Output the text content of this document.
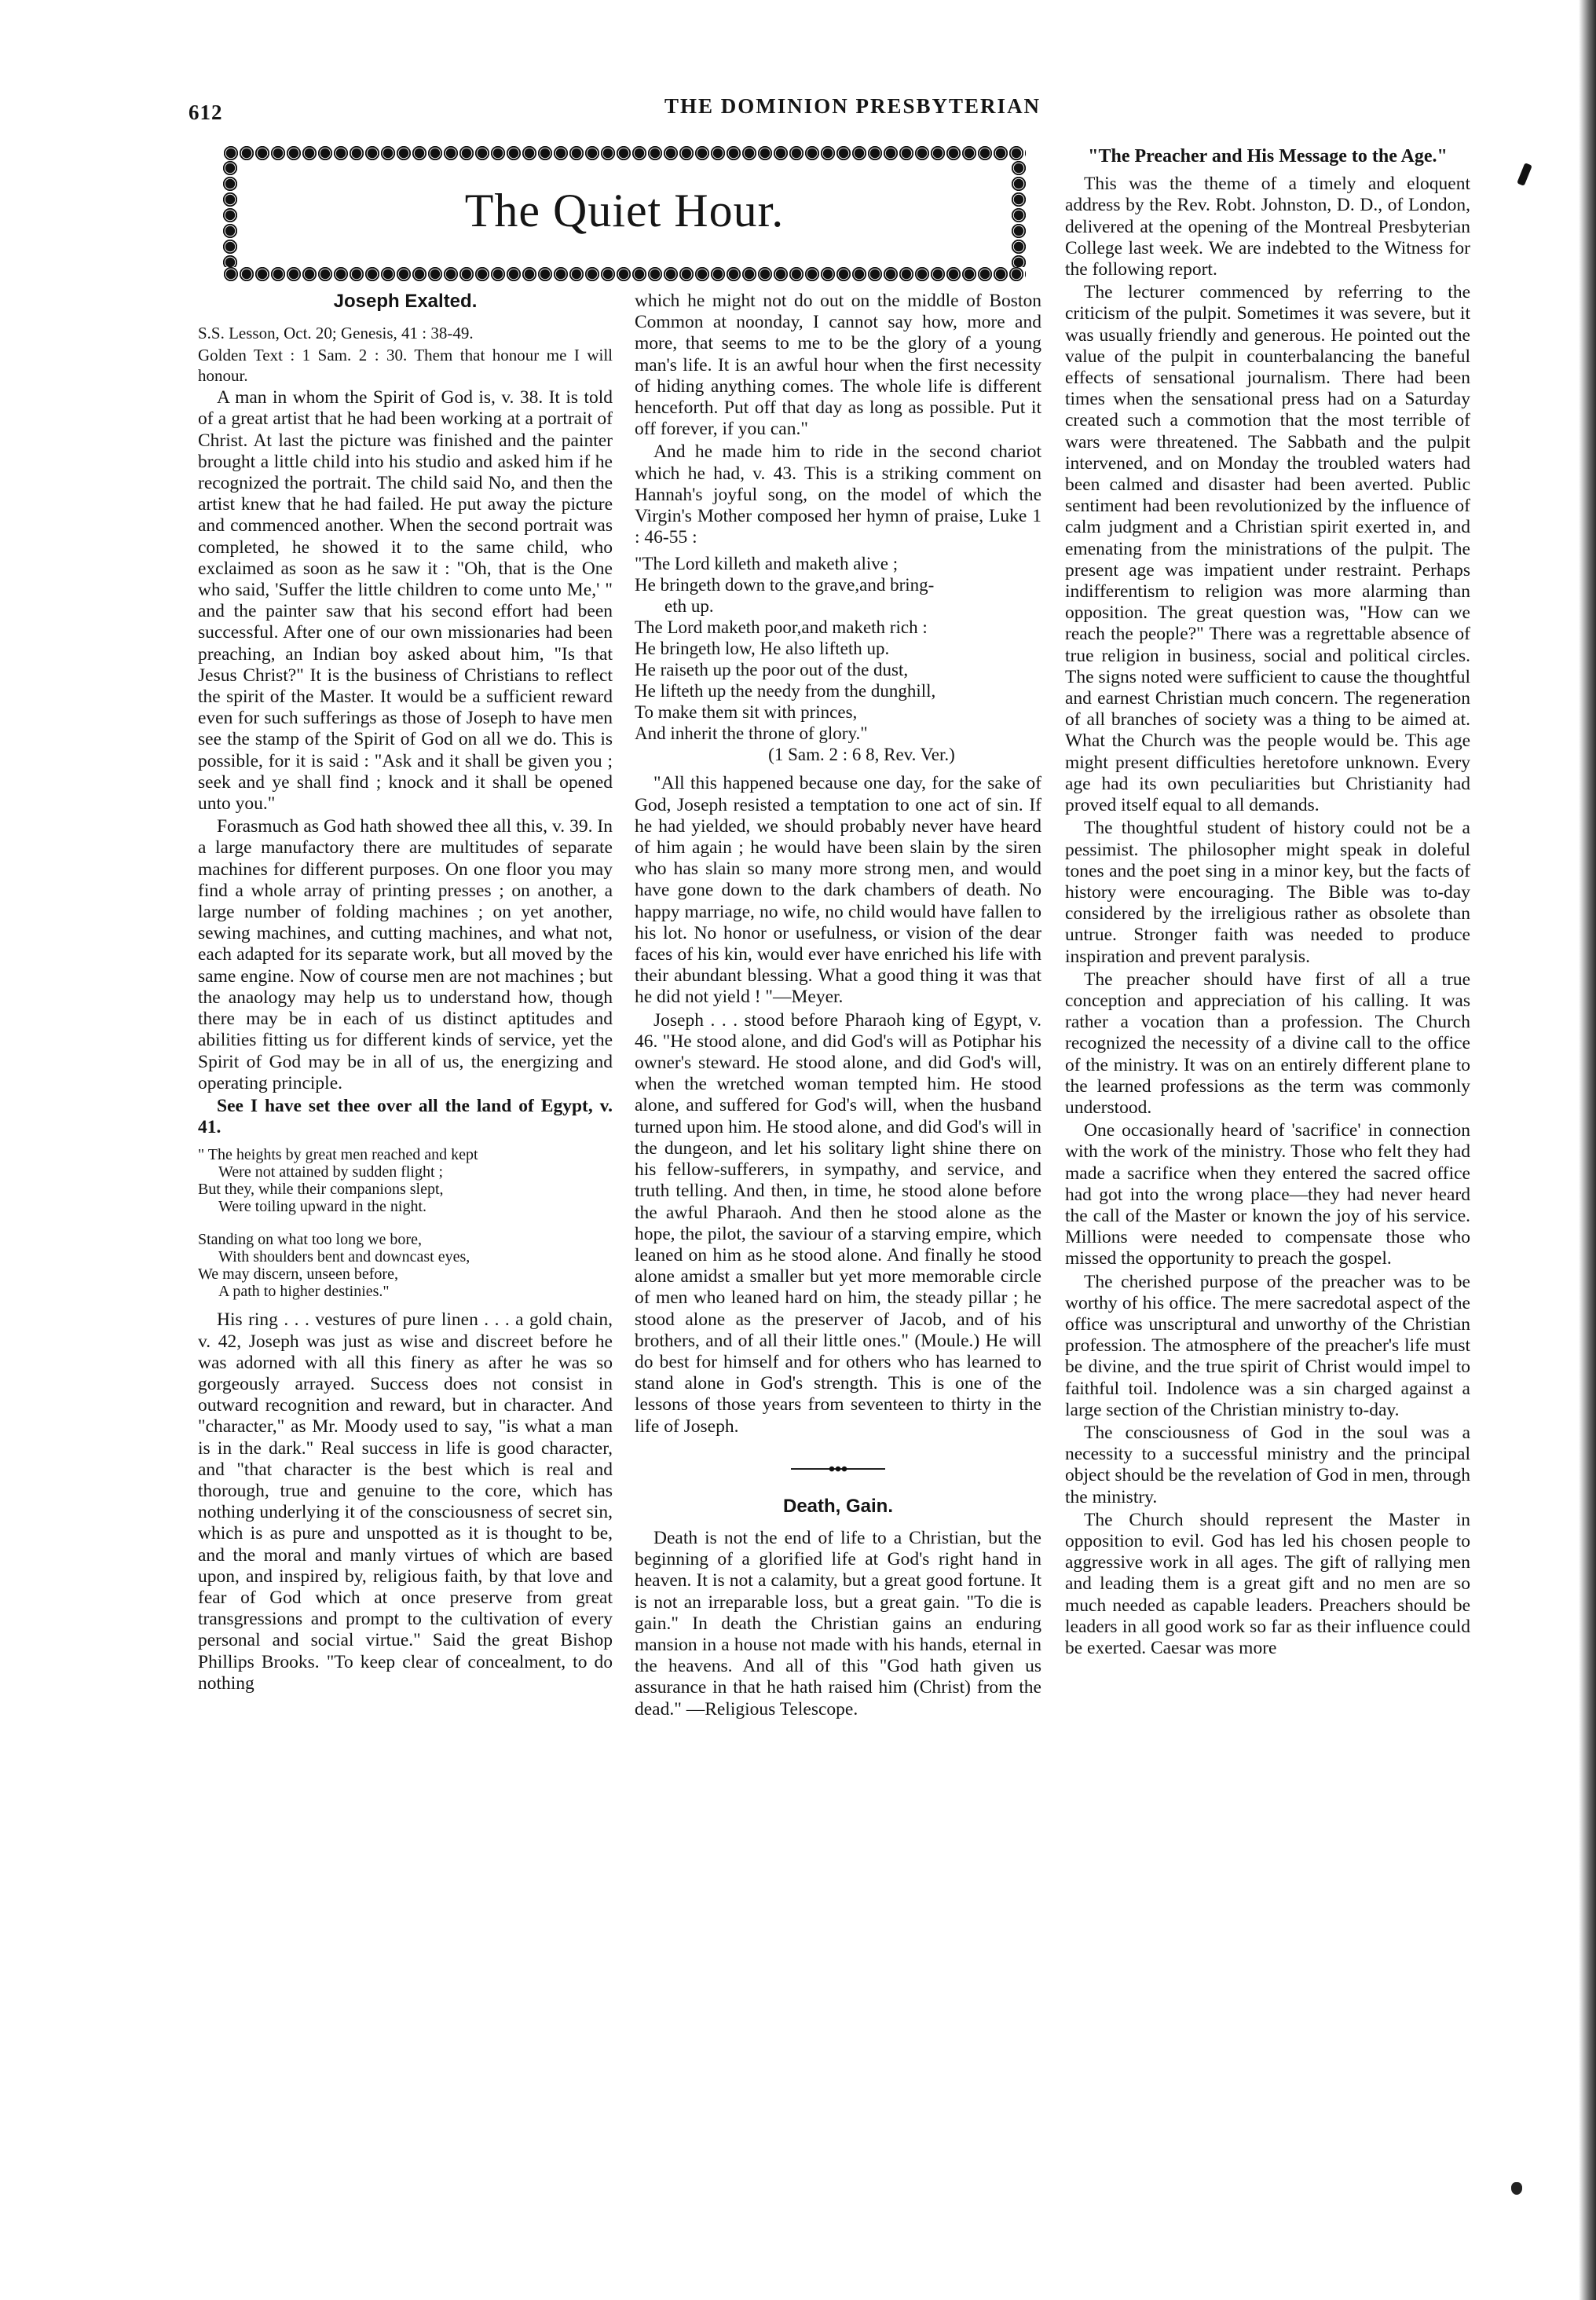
612	THE DOMINION PRESBYTERIAN
The Quiet Hour.
Joseph Exalted.

S.S. Lesson, Oct. 20; Genesis, 41 : 38-49.

Golden Text : 1 Sam. 2 : 30. Them that honour me I will honour.

A man in whom the Spirit of God is, v. 38. It is told of a great artist that he had been working at a portrait of Christ. At last the picture was finished and the painter brought a little child into his studio and asked him if he recognized the portrait. The child said No, and then the artist knew that he had failed. He put away the picture and commenced another. When the second portrait was completed, he showed it to the same child, who exclaimed as soon as he saw it : "Oh, that is the One who said, 'Suffer the little children to come unto Me,' " and the painter saw that his second effort had been successful. After one of our own missionaries had been preaching, an Indian boy asked about him, "Is that Jesus Christ?" It is the business of Christians to reflect the spirit of the Master. It would be a sufficient reward even for such sufferings as those of Joseph to have men see the stamp of the Spirit of God on all we do. This is possible, for it is said : "Ask and it shall be given you ; seek and ye shall find ; knock and it shall be opened unto you."

Forasmuch as God hath showed thee all this, v. 39. In a large manufactory there are multitudes of separate machines for different purposes. On one floor you may find a whole array of printing presses ; on another, a large number of folding machines ; on yet another, sewing machines, and cutting machines, and what not, each adapted for its separate work, but all moved by the same engine. Now of course men are not machines ; but the anaology may help us to understand how, though there may be in each of us distinct aptitudes and abilities fitting us for different kinds of service, yet the Spirit of God may be in all of us, the energizing and operating principle.

See I have set thee over all the land of Egypt, v. 41.

" The heights by great men reached and kept
Were not attained by sudden flight ;
But they, while their companions slept,
Were toiling upward in the night.
Standing on what too long we bore,
With shoulders bent and downcast eyes,
We may discern, unseen before,
A path to higher destinies."

His ring . . . vestures of pure linen . . . a gold chain, v. 42, Joseph was just as wise and discreet before he was adorned with all this finery as after he was so gorgeously arrayed. Success does not consist in outward recognition and reward, but in character. And "character," as Mr. Moody used to say, "is what a man is in the dark." Real success in life is good character, and "that character is the best which is real and thorough, true and genuine to the core, which has nothing underlying it of the consciousness of secret sin, which is as pure and unspotted as it is thought to be, and the moral and manly virtues of which are based upon, and inspired by, religious faith, by that love and fear of God which at once preserve from great transgressions and prompt to the cultivation of every personal and social virtue." Said the great Bishop Phillips Brooks. "To keep clear of concealment, to do nothing

which he might not do out on the middle of Boston Common at noonday, I cannot say how, more and more, that seems to me to be the glory of a young man's life. It is an awful hour when the first necessity of hiding anything comes. The whole life is different henceforth. Put off that day as long as possible. Put it off forever, if you can."

And he made him to ride in the second chariot which he had, v. 43. This is a striking comment on Hannah's joyful song, on the model of which the Virgin's Mother composed her hymn of praise, Luke 1 : 46-55 :

"The Lord killeth and maketh alive ;
He bringeth down to the grave,and bring-
eth up.
The Lord maketh poor,and maketh rich :
He bringeth low, He also lifteth up.
He raiseth up the poor out of the dust,
He lifteth up the needy from the dunghill,
To make them sit with princes,
And inherit the throne of glory."
(1 Sam. 2 : 6 8, Rev. Ver.)

"All this happened because one day, for the sake of God, Joseph resisted a temptation to one act of sin. If he had yielded, we should probably never have heard of him again ; he would have been slain by the siren who has slain so many more strong men, and would have gone down to the dark chambers of death. No happy marriage, no wife, no child would have fallen to his lot. No honor or usefulness, or vision of the dear faces of his kin, would ever have enriched his life with their abundant blessing. What a good thing it was that he did not yield ! "—Meyer.

Joseph . . . stood before Pharaoh king of Egypt, v. 46. "He stood alone, and did God's will as Potiphar his owner's steward. He stood alone, and did God's will, when the wretched woman tempted him. He stood alone, and suffered for God's will, when the husband turned upon him. He stood alone, and did God's will in the dungeon, and let his solitary light shine there on his fellow-sufferers, in sympathy, and service, and truth telling. And then, in time, he stood alone before the awful Pharaoh. And then he stood alone as the hope, the pilot, the saviour of a starving empire, which leaned on him as he stood alone. And finally he stood alone amidst a smaller but yet more memorable circle of men who leaned hard on him, the steady pillar ; he stood alone as the preserver of Jacob, and of his brothers, and of all their little ones." (Moule.) He will do best for himself and for others who has learned to stand alone in God's strength. This is one of the lessons of those years from seventeen to thirty in the life of Joseph.

Death, Gain.

Death is not the end of life to a Christian, but the beginning of a glorified life at God's right hand in heaven. It is not a calamity, but a great good fortune. It is not an irreparable loss, but a great gain. "To die is gain." In death the Christian gains an enduring mansion in a house not made with his hands, eternal in the heavens. And all of this "God hath given us assurance in that he hath raised him (Christ) from the dead." —Religious Telescope.

"The Preacher and His Message to the Age."

This was the theme of a timely and eloquent address by the Rev. Robt. Johnston, D. D., of London, delivered at the opening of the Montreal Presbyterian College last week. We are indebted to the Witness for the following report.

The lecturer commenced by referring to the criticism of the pulpit. Sometimes it was severe, but it was usually friendly and generous. He pointed out the value of the pulpit in counterbalancing the baneful effects of sensational journalism. There had been times when the sensational press had on a Saturday created such a commotion that the most terrible of wars were threatened. The Sabbath and the pulpit intervened, and on Monday the troubled waters had been calmed and disaster had been averted. Public sentiment had been revolutionized by the influence of calm judgment and a Christian spirit exerted in, and emenating from the ministrations of the pulpit. The present age was impatient under restraint. Perhaps indifferentism to religion was more alarming than opposition. The great question was, "How can we reach the people?" There was a regrettable absence of true religion in business, social and political circles. The signs noted were sufficient to cause the thoughtful and earnest Christian much concern. The regeneration of all branches of society was a thing to be aimed at. What the Church was the people would be. This age might present difficulties heretofore unknown. Every age had its own peculiarities but Christianity had proved itself equal to all demands.

The thoughtful student of history could not be a pessimist. The philosopher might speak in doleful tones and the poet sing in a minor key, but the facts of history were encouraging. The Bible was to-day considered by the irreligious rather as obsolete than untrue. Stronger faith was needed to produce inspiration and prevent paralysis.

The preacher should have first of all a true conception and appreciation of his calling. It was rather a vocation than a profession. The Church recognized the necessity of a divine call to the office of the ministry. It was on an entirely different plane to the learned professions as the term was commonly understood.

One occasionally heard of 'sacrifice' in connection with the work of the ministry. Those who felt they had made a sacrifice when they entered the sacred office had got into the wrong place—they had never heard the call of the Master or known the joy of his service. Millions were needed to compensate those who missed the opportunity to preach the gospel.

The cherished purpose of the preacher was to be worthy of his office. The mere sacredotal aspect of the office was unscriptural and unworthy of the Christian profession. The atmosphere of the preacher's life must be divine, and the true spirit of Christ would impel to faithful toil. Indolence was a sin charged against a large section of the Christian ministry to-day.

The consciousness of God in the soul was a necessity to a successful ministry and the principal object should be the revelation of God in men, through the ministry.

The Church should represent the Master in opposition to evil. God has led his chosen people to aggressive work in all ages. The gift of rallying men and leading them is a great gift and no men are so much needed as capable leaders. Preachers should be leaders in all good work so far as their influence could be exerted. Caesar was more
